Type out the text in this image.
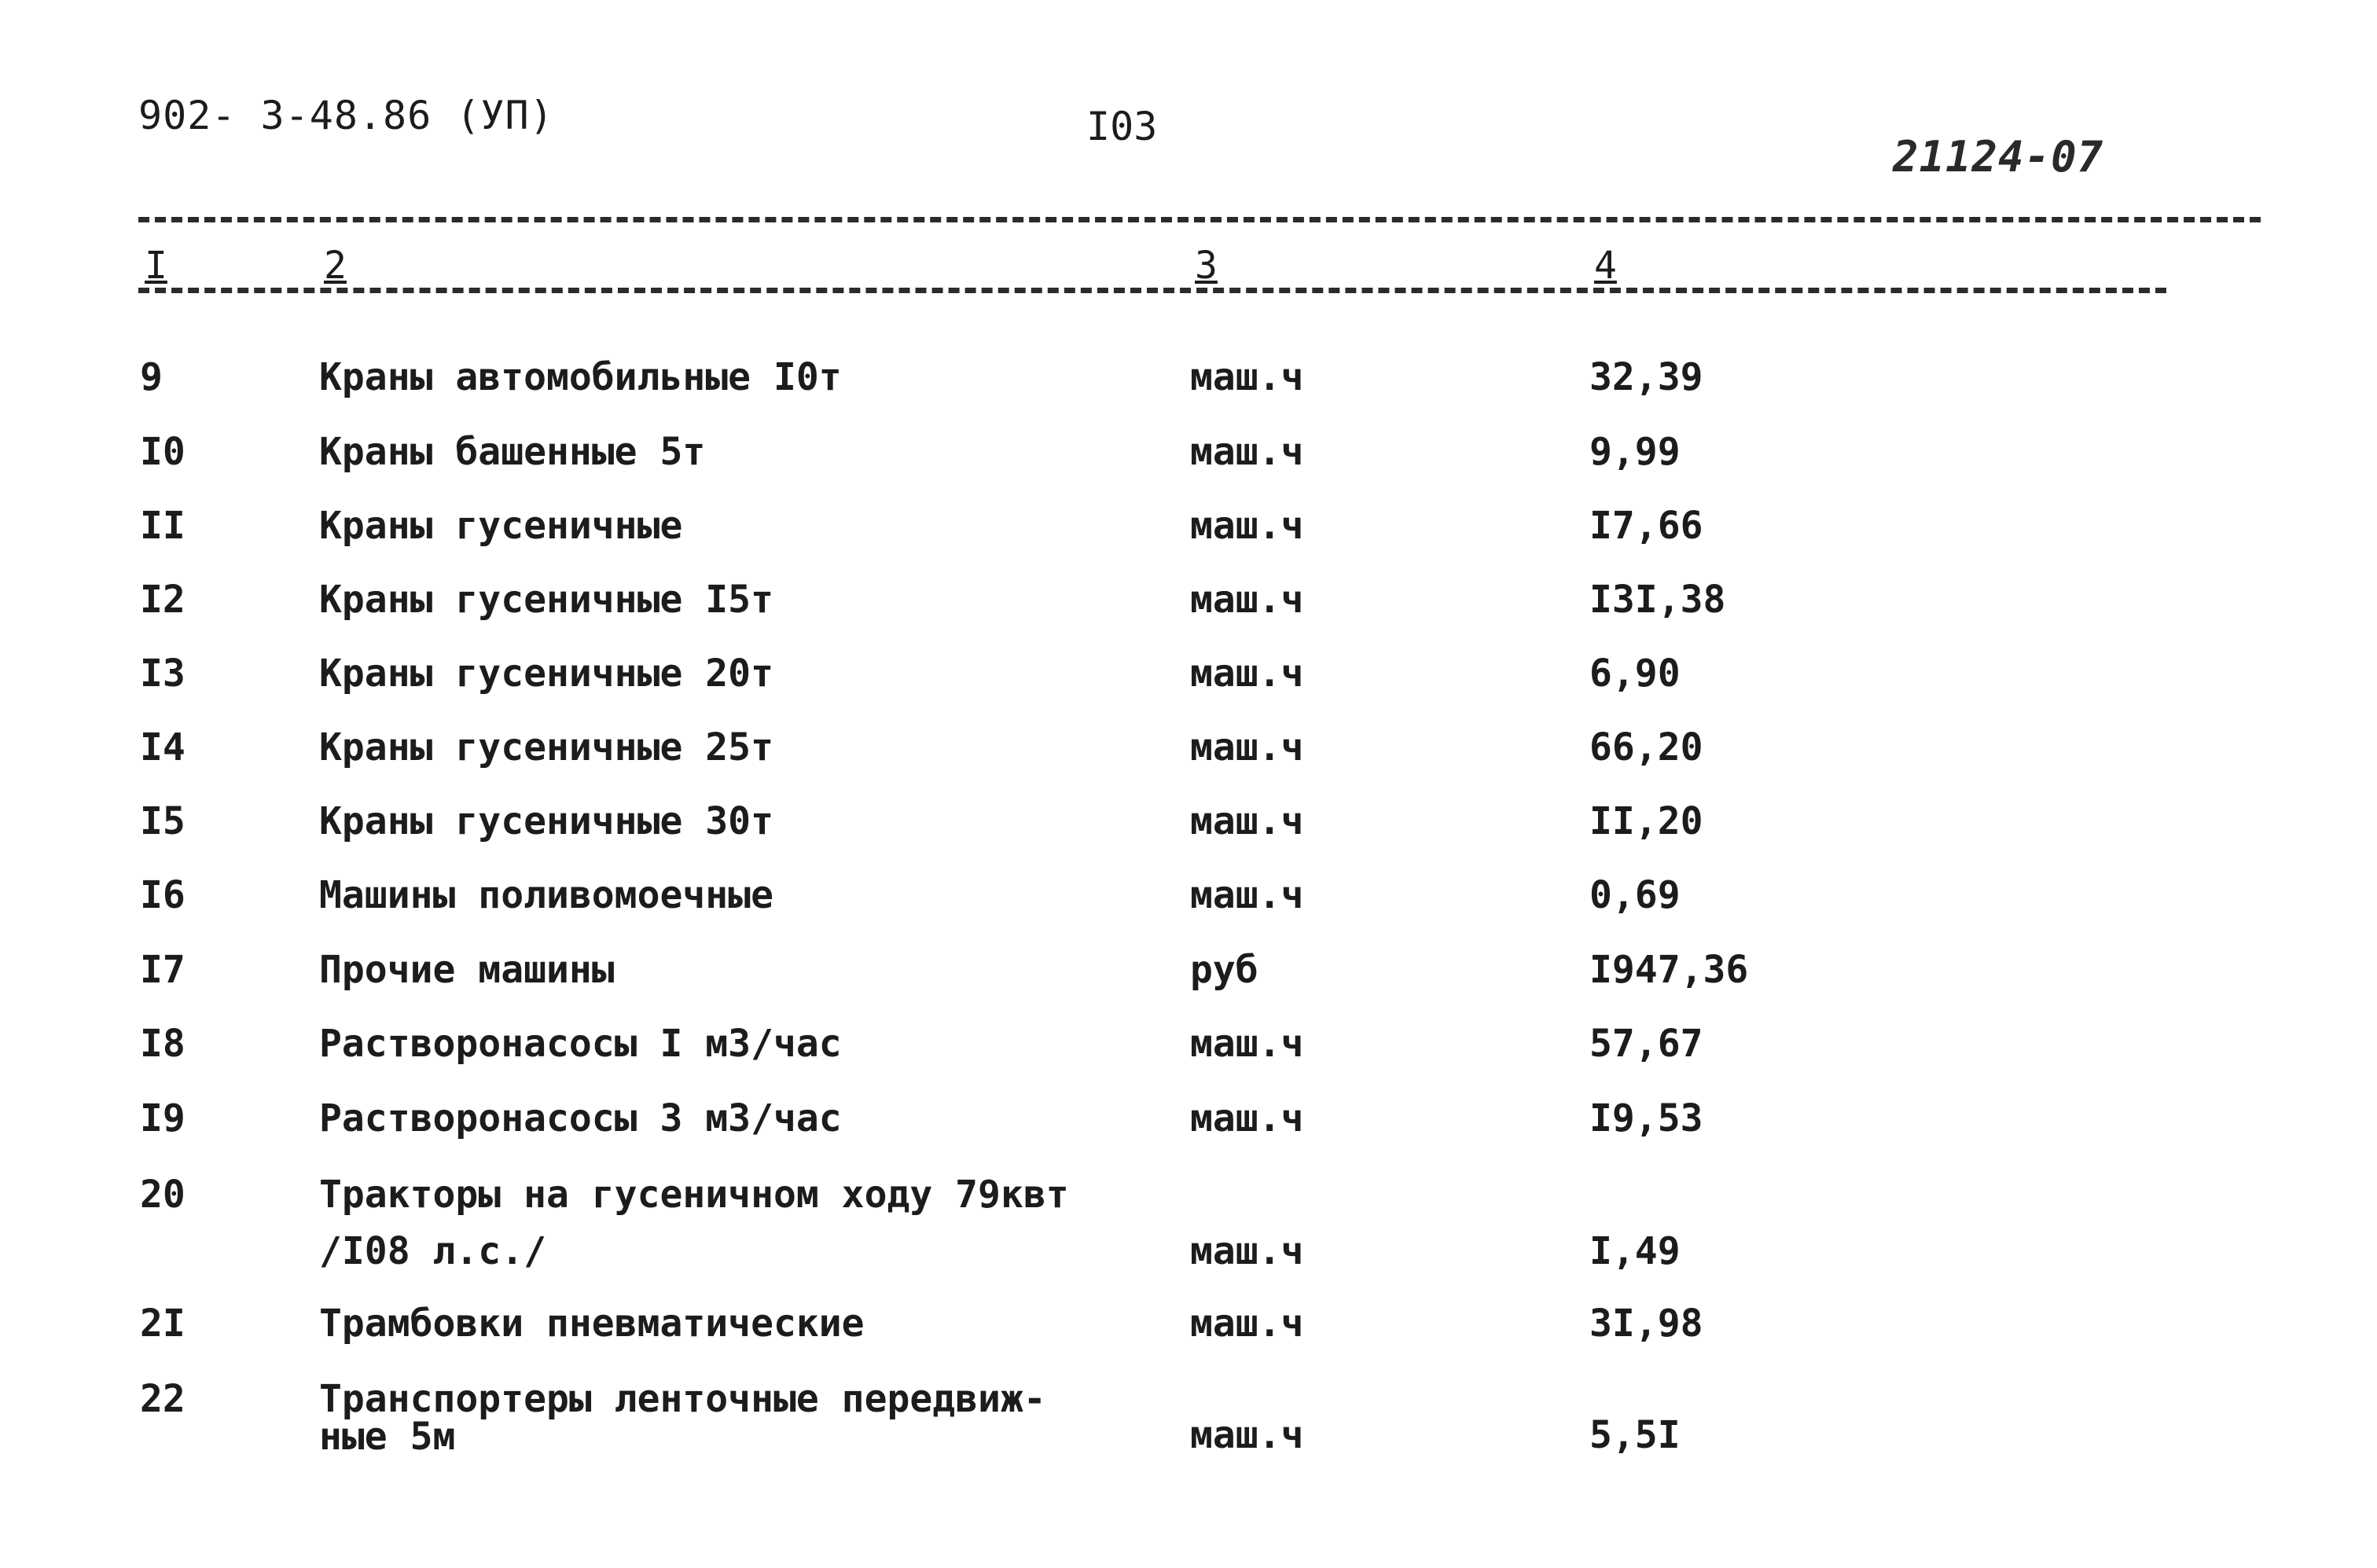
902- 3-48.86 (УП)	I03
21124-07
I	2	3	4
9	Краны автомобильные I0т	маш.ч	32,39
I0	Краны башенные 5т	маш.ч	9,99
II	Краны гусеничные	маш.ч	I7,66
I2	Краны гусеничные I5т	маш.ч	I3I,38
I3	Краны гусеничные 20т	маш.ч	6,90
I4	Краны гусеничные 25т	маш.ч	66,20
I5	Краны гусеничные 30т	маш.ч	II,20
I6	Машины поливомоечные	маш.ч	0,69
I7	Прочие машины	руб	I947,36
I8	Растворонасосы I м3/час	маш.ч	57,67
I9	Растворонасосы 3 м3/час	маш.ч	I9,53
20	Тракторы на гусеничном ходу 79квт
/I08 л.с./	маш.ч	I,49
2I	Трамбовки пневматические	маш.ч	3I,98
22	Транспортеры ленточные передвиж-
ные 5м	маш.ч	5,5I
